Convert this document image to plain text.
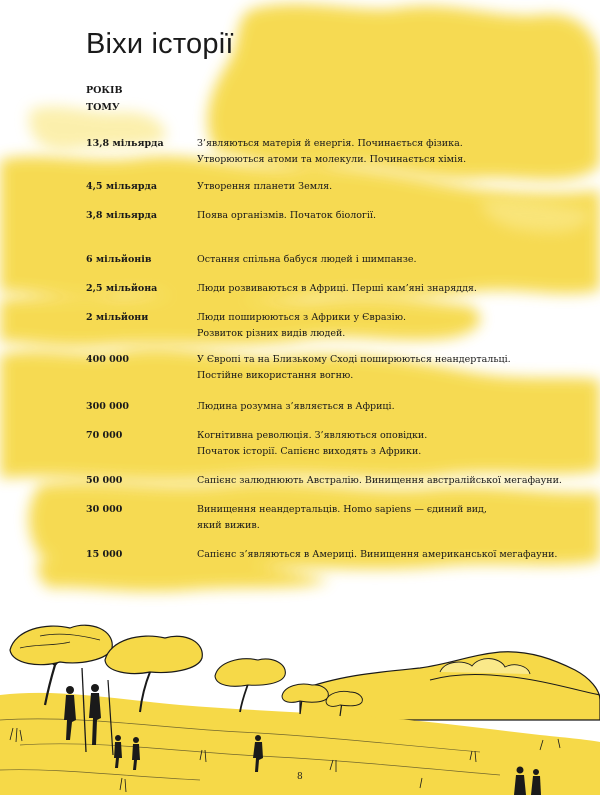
Віхи історії
РОКІВ
ТОМУ
13,8 мільярда	З’являються матерія й енергія. Починається фізика.
Утворюються атоми та молекули. Починається хімія.
4,5 мільярда	Утворення планети Земля.
3,8 мільярда	Поява організмів. Початок біології.
6 мільйонів	Остання спільна бабуся людей і шимпанзе.
2,5 мільйона	Люди розвиваються в Африці. Перші кам’яні знаряддя.
2 мільйони	Люди поширюються з Африки у Євразію.
Розвиток різних видів людей.
400 000	У Європі та на Близькому Сході поширюються неандертальці.
Постійне використання вогню.
300 000	Людина розумна з’являється в Африці.
70 000	Когнітивна революція. З’являються оповідки.
Початок історії. Сапієнс виходять з Африки.
50 000	Сапієнс залюднюють Австралію. Винищення австралійської мегафауни.
30 000	Винищення неандертальців. Homo sapiens — єдиний вид,
який вижив.
15 000	Сапієнс з’являються в Америці. Винищення американської мегафауни.
8
